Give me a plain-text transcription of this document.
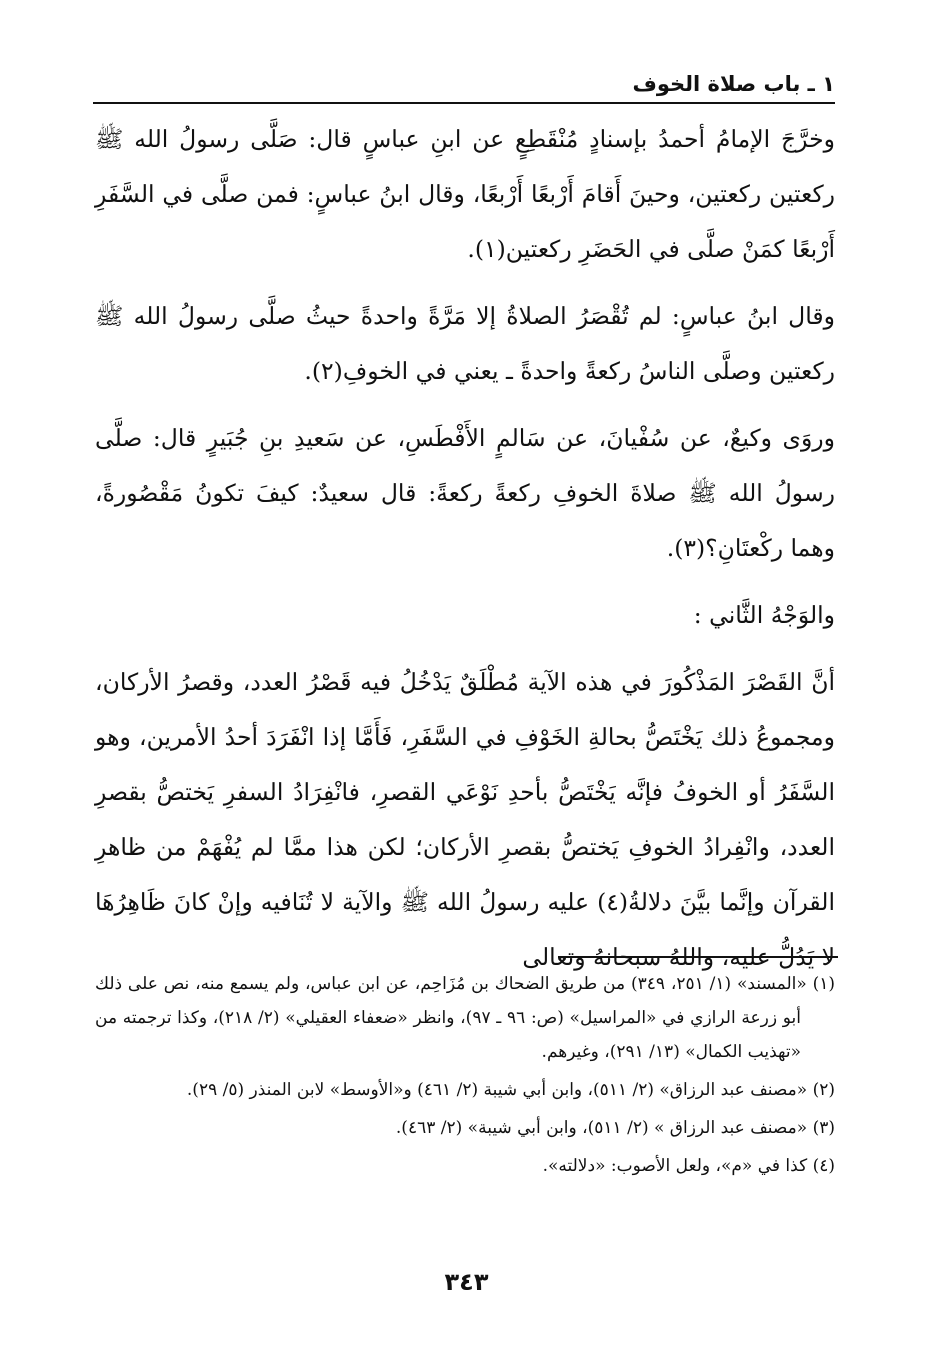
١ ـ باب صلاة الخوف

وخرَّجَ الإمامُ أحمدُ بإسنادٍ مُنْقَطِعٍ عن ابنِ عباسٍ قال: صَلَّى رسولُ الله ﷺ ركعتين ركعتين، وحينَ أَقامَ أَرْبعًا أَرْبعًا، وقال ابنُ عباسٍ: فمن صلَّى في السَّفَرِ أَرْبعًا كمَنْ صلَّى في الحَضَرِ ركعتين(١).

وقال ابنُ عباسٍ: لم تُقْصَرُ الصلاةُ إلا مَرَّةً واحدةً حيثُ صلَّى رسولُ الله ﷺ ركعتين وصلَّى الناسُ ركعةً واحدةً ـ يعني في الخوفِ(٢).

وروَى وكيعٌ، عن سُفْيانَ، عن سَالمٍ الأَفْطَسِ، عن سَعيدِ بنِ جُبَيرٍ قال: صلَّى رسولُ الله ﷺ صلاةَ الخوفِ ركعةً ركعةً: قال سعيدٌ: كيفَ تكونُ مَقْصُورةً، وهما ركْعتَانِ؟(٣).

والوَجْهُ الثَّاني :

أنَّ القَصْرَ المَذْكُورَ في هذه الآية مُطْلَقٌ يَدْخُلُ فيه قَصْرُ العدد، وقصرُ الأركان، ومجموعُ ذلك يَخْتَصُّ بحالةِ الخَوْفِ في السَّفَرِ، فَأَمَّا إذا انْفَرَدَ أحدُ الأمرين، وهو السَّفَرُ أو الخوفُ فإنَّه يَخْتَصُّ بأحدِ نَوْعَي القصرِ، فانْفِرَادُ السفرِ يَختصُّ بقصرِ العدد، وانْفِرادُ الخوفِ يَختصُّ بقصرِ الأركان؛ لكن هذا ممَّا لم يُفْهَمْ من ظاهرِ القرآن وإنَّما بيَّنَ دلالةُ(٤) عليه رسولُ الله ﷺ والآية لا تُنَافيه وإنْ كانَ ظَاهِرُهَا لا يَدُلُّ عليه، واللهُ سبحانهُ وتعالى

(١) «المسند» (١/ ٢٥١، ٣٤٩) من طريق الضحاك بن مُزَاحِم، عن ابن عباس، ولم يسمع منه، نص على ذلك أبو زرعة الرازي في «المراسيل» (ص: ٩٦ ـ ٩٧)، وانظر «ضعفاء العقيلي» (٢/ ٢١٨)، وكذا ترجمته من «تهذيب الكمال» (١٣/ ٢٩١)، وغيرهم.

(٢) «مصنف عبد الرزاق» (٢/ ٥١١)، وابن أبي شيبة (٢/ ٤٦١) و«الأوسط» لابن المنذر (٥/ ٢٩).

(٣) «مصنف عبد الرزاق » (٢/ ٥١١)، وابن أبي شيبة» (٢/ ٤٦٣).

(٤) كذا في «م»، ولعل الأصوب: «دلالته».

٣٤٣
